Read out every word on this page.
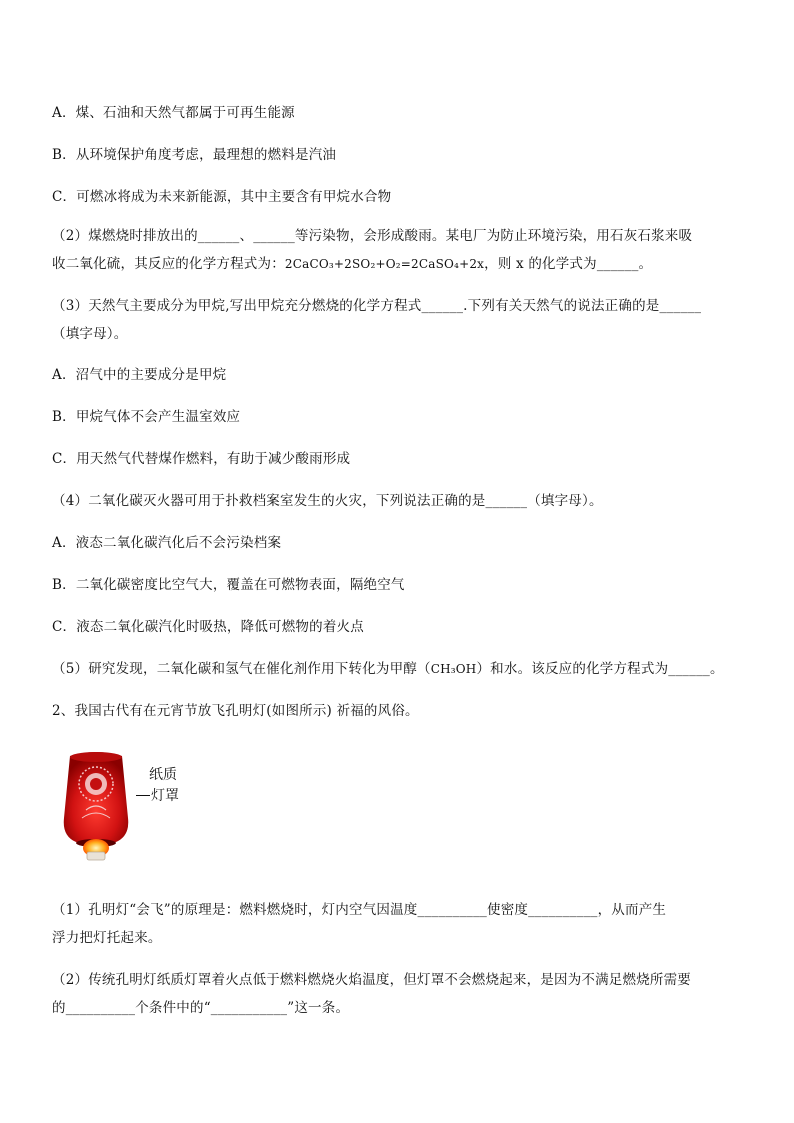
A．煤、石油和天然气都属于可再生能源
B．从环境保护角度考虑，最理想的燃料是汽油
C．可燃冰将成为未来新能源，其中主要含有甲烷水合物
（2）煤燃烧时排放出的______、______等污染物，会形成酸雨。某电厂为防止环境污染，用石灰石浆来吸
收二氧化硫，其反应的化学方程式为：2CaCO₃+2SO₂+O₂=2CaSO₄+2x，则 x 的化学式为______。
（3）天然气主要成分为甲烷,写出甲烷充分燃烧的化学方程式______.下列有关天然气的说法正确的是______
（填字母）。
A．沼气中的主要成分是甲烷
B．甲烷气体不会产生温室效应
C．用天然气代替煤作燃料，有助于减少酸雨形成
（4）二氧化碳灭火器可用于扑救档案室发生的火灾，下列说法正确的是______（填字母）。
A．液态二氧化碳汽化后不会污染档案
B．二氧化碳密度比空气大，覆盖在可燃物表面，隔绝空气
C．液态二氧化碳汽化时吸热，降低可燃物的着火点
（5）研究发现，二氧化碳和氢气在催化剂作用下转化为甲醇（CH₃OH）和水。该反应的化学方程式为______。
2、我国古代有在元宵节放飞孔明灯(如图所示) 祈福的风俗。
纸质
灯罩
（1）孔明灯“会飞”的原理是：燃料燃烧时，灯内空气因温度__________使密度__________，从而产生
浮力把灯托起来。
（2）传统孔明灯纸质灯罩着火点低于燃料燃烧火焰温度，但灯罩不会燃烧起来，是因为不满足燃烧所需要
的__________个条件中的“___________”这一条。
